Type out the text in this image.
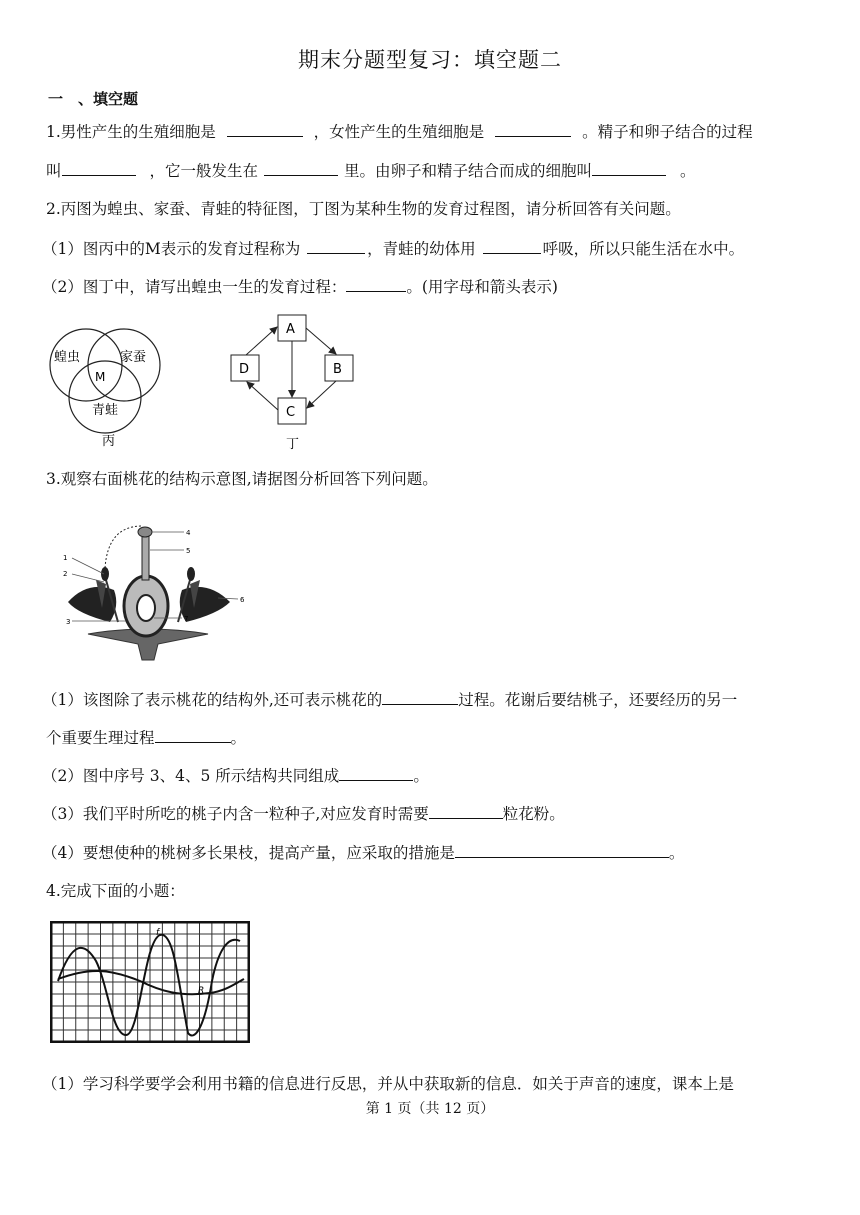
期末分题型复习：填空题二
一　、填空题
1.男性产生的生殖细胞是	，女性产生的生殖细胞是	。精子和卵子结合的过程
叫	，它一般发生在	里。由卵子和精子结合而成的细胞叫	。
2.丙图为蝗虫、家蚕、青蛙的特征图，丁图为某种生物的发育过程图，请分析回答有关问题。
（1）图丙中的M表示的发育过程称为	，青蛙的幼体用	呼吸，所以只能生活在水中。
（2）图丁中，请写出蝗虫一生的发育过程：	。(用字母和箭头表示)
蝗虫	家蚕
M
青蛙
丙
A
B
C
D
丁
3.观察右面桃花的结构示意图,请据图分析回答下列问题。
1
2
3
4
5
6
7
（1）该图除了表示桃花的结构外,还可表示桃花的	过程。花谢后要结桃子，还要经历的另一
个重要生理过程	。
（2）图中序号 3、4、5 所示结构共同组成	。
（3）我们平时所吃的桃子内含一粒种子,对应发育时需要	粒花粉。
（4）要想使种的桃树多长果枝，提高产量，应采取的措施是	。
4.完成下面的小题：
f
R
（1）学习科学要学会利用书籍的信息进行反思，并从中获取新的信息．如关于声音的速度，课本上是
第 1 页（共 12 页）
